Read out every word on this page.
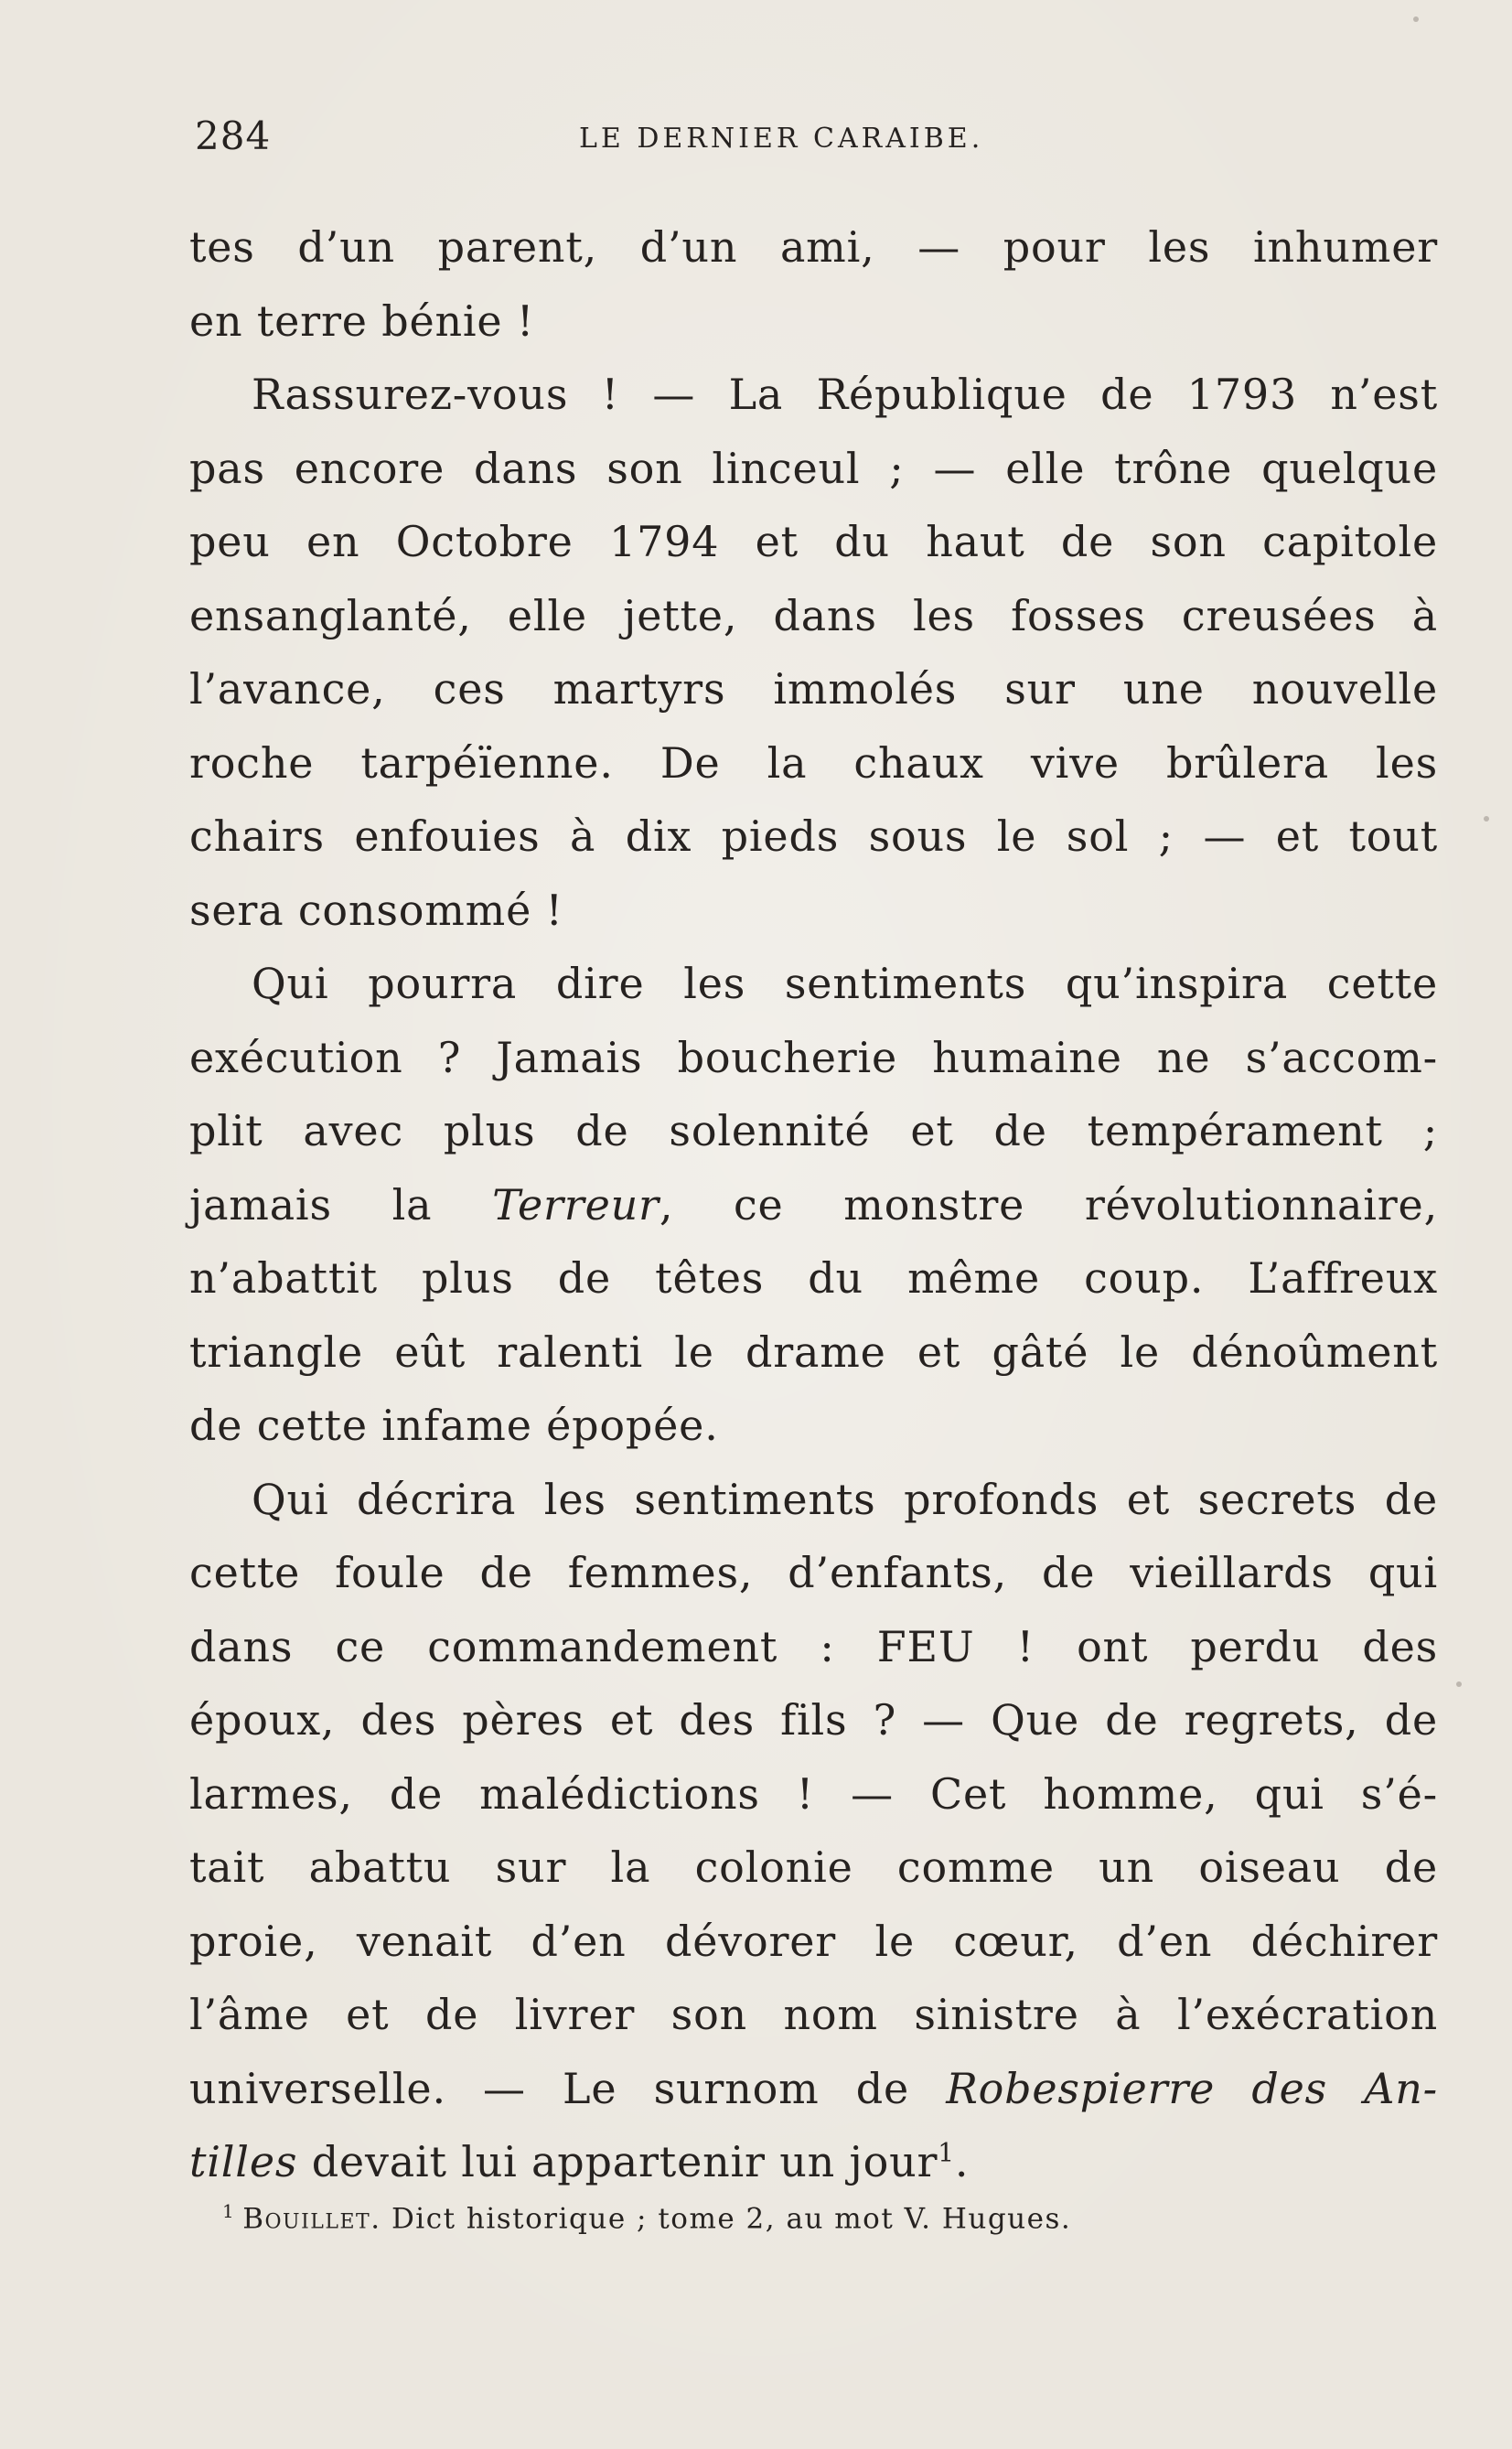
284	LE DERNIER CARAIBE.
tes d’un parent, d’un ami, — pour les inhumer
en terre bénie !
Rassurez-vous ! — La République de 1793 n’est
pas encore dans son linceul ; — elle trône quelque
peu en Octobre 1794 et du haut de son capitole
ensanglanté, elle jette, dans les fosses creusées à
l’avance, ces martyrs immolés sur une nouvelle
roche tarpéïenne. De la chaux vive brûlera les
chairs enfouies à dix pieds sous le sol ; — et tout
sera consommé !
Qui pourra dire les sentiments qu’inspira cette
exécution ? Jamais boucherie humaine ne s’accom-
plit avec plus de solennité et de tempérament ;
jamais la Terreur, ce monstre révolutionnaire,
n’abattit plus de têtes du même coup. L’affreux
triangle eût ralenti le drame et gâté le dénoûment
de cette infame épopée.
Qui décrira les sentiments profonds et secrets de
cette foule de femmes, d’enfants, de vieillards qui
dans ce commandement : FEU ! ont perdu des
époux, des pères et des fils ? — Que de regrets, de
larmes, de malédictions ! — Cet homme, qui s’é-
tait abattu sur la colonie comme un oiseau de
proie, venait d’en dévorer le cœur, d’en déchirer
l’âme et de livrer son nom sinistre à l’exécration
universelle. — Le surnom de Robespierre des An-
tilles devait lui appartenir un jour$^1$.
$^1$ Bouillet. Dict historique ; tome 2, au mot V. Hugues.
